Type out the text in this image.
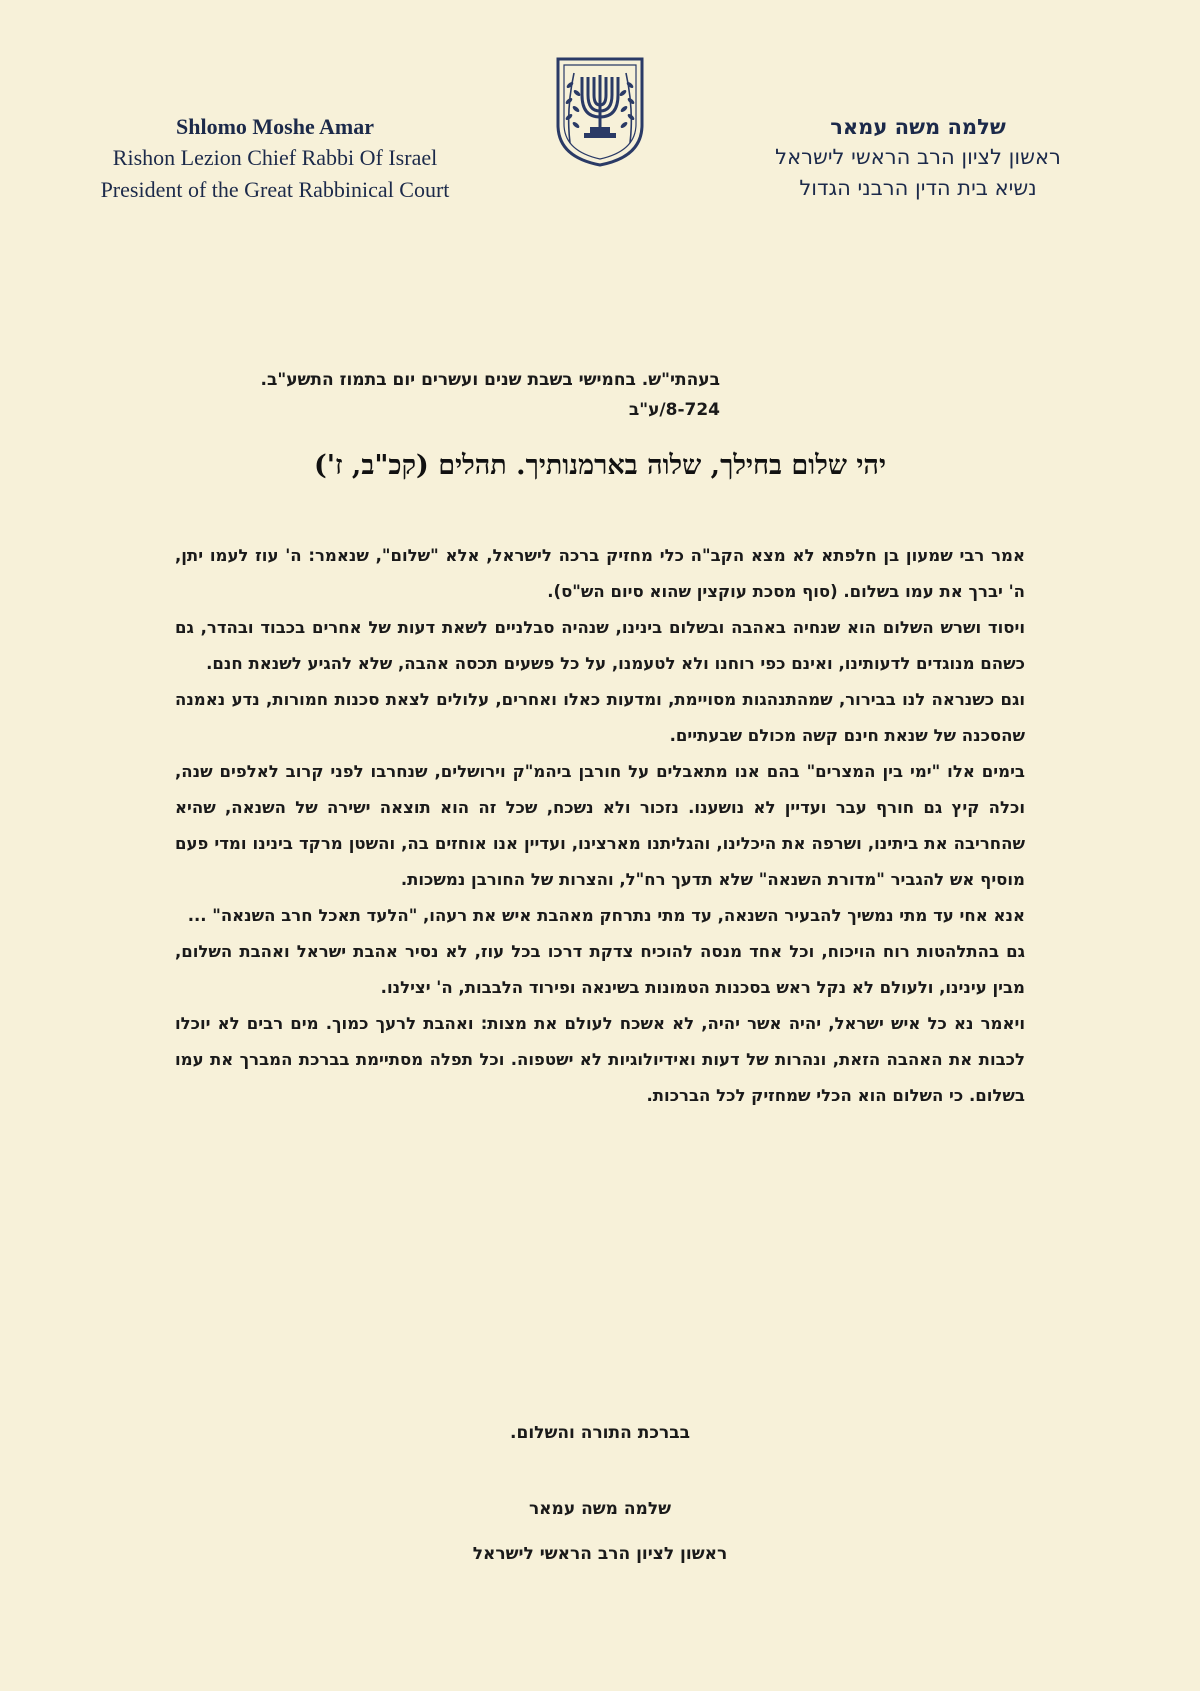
Shlomo Moshe Amar
Rishon Lezion Chief Rabbi Of Israel
President of the Great Rabbinical Court
שלמה משה עמאר
ראשון לציון הרב הראשי לישראל
נשיא בית הדין הרבני הגדול
בעהתי"ש. בחמישי בשבת שנים ועשרים יום בתמוז התשע"ב.
8-724/ע"ב
יהי שלום בחילך, שלוה בארמנותיך. תהלים (קכ"ב, ז')

אמר רבי שמעון בן חלפתא לא מצא הקב"ה כלי מחזיק ברכה לישראל, אלא "שלום", שנאמר: ה' עוז לעמו יתן, ה' יברך את עמו בשלום. (סוף מסכת עוקצין שהוא סיום הש"ס).

ויסוד ושרש השלום הוא שנחיה באהבה ובשלום בינינו, שנהיה סבלניים לשאת דעות של אחרים בכבוד ובהדר, גם כשהם מנוגדים לדעותינו, ואינם כפי רוחנו ולא לטעמנו, על כל פשעים תכסה אהבה, שלא להגיע לשנאת חנם.

וגם כשנראה לנו בבירור, שמהתנהגות מסויימת, ומדעות כאלו ואחרים, עלולים לצאת סכנות חמורות, נדע נאמנה שהסכנה של שנאת חינם קשה מכולם שבעתיים.

בימים אלו "ימי בין המצרים" בהם אנו מתאבלים על חורבן ביהמ"ק וירושלים, שנחרבו לפני קרוב לאלפים שנה, וכלה קיץ גם חורף עבר ועדיין לא נושענו. נזכור ולא נשכח, שכל זה הוא תוצאה ישירה של השנאה, שהיא שהחריבה את ביתינו, ושרפה את היכלינו, והגליתנו מארצינו, ועדיין אנו אוחזים בה, והשטן מרקד בינינו ומדי פעם מוסיף אש להגביר "מדורת השנאה" שלא תדעך רח"ל, והצרות של החורבן נמשכות.

אנא אחי עד מתי נמשיך להבעיר השנאה, עד מתי נתרחק מאהבת איש את רעהו, "הלעד תאכל חרב השנאה" ...

גם בהתלהטות רוח הויכוח, וכל אחד מנסה להוכיח צדקת דרכו בכל עוז, לא נסיר אהבת ישראל ואהבת השלום, מבין עינינו, ולעולם לא נקל ראש בסכנות הטמונות בשינאה ופירוד הלבבות, ה' יצילנו.

ויאמר נא כל איש ישראל, יהיה אשר יהיה, לא אשכח לעולם את מצות: ואהבת לרעך כמוך. מים רבים לא יוכלו לכבות את האהבה הזאת, ונהרות של דעות ואידיולוגיות לא ישטפוה. וכל תפלה מסתיימת בברכת המברך את עמו בשלום. כי השלום הוא הכלי שמחזיק לכל הברכות.

בברכת התורה והשלום.
שלמה משה עמאר
ראשון לציון הרב הראשי לישראל
